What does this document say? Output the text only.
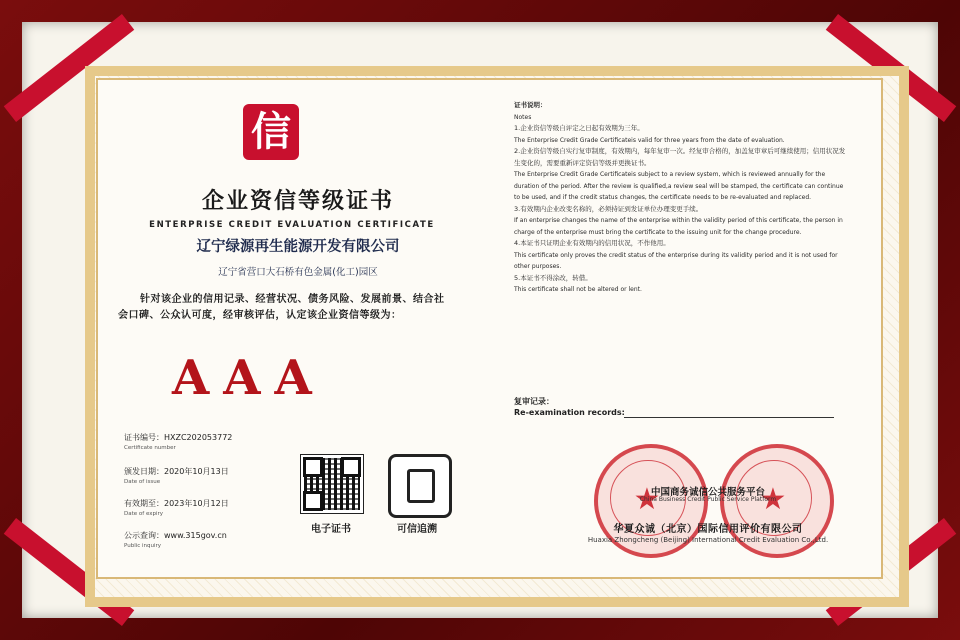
信
企业资信等级证书
ENTERPRISE CREDIT EVALUATION CERTIFICATE
辽宁绿源再生能源开发有限公司
辽宁省营口大石桥有色金属(化工)园区
针对该企业的信用记录、经营状况、债务风险、发展前景、结合社会口碑、公众认可度，经审核评估，认定该企业资信等级为：
AAA
证书编号：HXZC202053772
Certificate number
颁发日期：2020年10月13日
Date of issue
有效期至：2023年10月12日
Date of expiry
公示查询：www.315gov.cn
Public inquiry
电子证书	可信追溯
证书说明：
Notes
1.企业资信等级自评定之日起有效期为三年。
The Enterprise Credit Grade Certificateis valid for three years from the date of evaluation.
2.企业资信等级自实行复审制度，有效期内，每年复审一次。经复审合格的，加盖复审章后可继续使用；信用状况发生变化的，需要重新评定资信等级并更换证书。
The Enterprise Credit Grade Certificateis subject to a review system, which is reviewed annually for the duration of the period. After the review is qualified,a review seal will be stamped, the certificate can continue to be used, and if the credit status changes, the certificate needs to be re-evaluated and replaced.
3.有效期内企业改变名称的，必须持证到发证单位办理变更手续。
If an enterprise changes the name of the enterprise within the validity period of this certificate, the person in charge of the enterprise must bring the certificate to the issuing unit for the change procedure.
4.本证书只证明企业有效期内的信用状况，不作他用。
This certificate only proves the credit status of the enterprise during its validity period and it is not used for other purposes.
5.本证书不得涂改，转借。
This certificate shall not be altered or lent.
复审记录：
Re-examination records:
★	★
中国商务诚信公共服务平台
China Business Credit Public Service Platform
华夏众诚（北京）国际信用评价有限公司
Huaxia Zhongcheng (Beijing) International Credit Evaluation Co.,Ltd.
